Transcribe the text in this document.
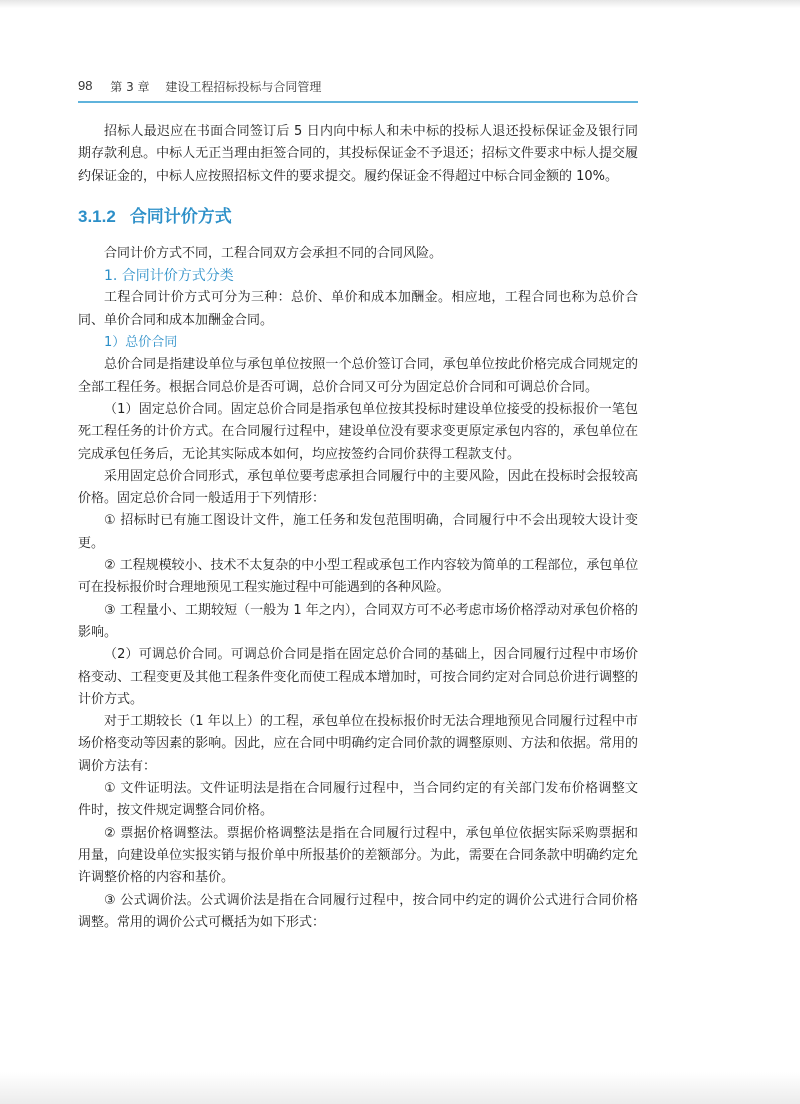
98 第 3 章 建设工程招标投标与合同管理

招标人最迟应在书面合同签订后 5 日内向中标人和未中标的投标人退还投标保证金及银行同期存款利息。中标人无正当理由拒签合同的，其投标保证金不予退还；招标文件要求中标人提交履约保证金的，中标人应按照招标文件的要求提交。履约保证金不得超过中标合同金额的 10%。

3.1.2 合同计价方式

合同计价方式不同，工程合同双方会承担不同的合同风险。

1. 合同计价方式分类

工程合同计价方式可分为三种：总价、单价和成本加酬金。相应地，工程合同也称为总价合同、单价合同和成本加酬金合同。

1）总价合同

总价合同是指建设单位与承包单位按照一个总价签订合同，承包单位按此价格完成合同规定的全部工程任务。根据合同总价是否可调，总价合同又可分为固定总价合同和可调总价合同。

（1）固定总价合同。固定总价合同是指承包单位按其投标时建设单位接受的投标报价一笔包死工程任务的计价方式。在合同履行过程中，建设单位没有要求变更原定承包内容的，承包单位在完成承包任务后，无论其实际成本如何，均应按签约合同价获得工程款支付。

采用固定总价合同形式，承包单位要考虑承担合同履行中的主要风险，因此在投标时会报较高价格。固定总价合同一般适用于下列情形：

① 招标时已有施工图设计文件，施工任务和发包范围明确，合同履行中不会出现较大设计变更。

② 工程规模较小、技术不太复杂的中小型工程或承包工作内容较为简单的工程部位，承包单位可在投标报价时合理地预见工程实施过程中可能遇到的各种风险。

③ 工程量小、工期较短（一般为 1 年之内），合同双方可不必考虑市场价格浮动对承包价格的影响。

（2）可调总价合同。可调总价合同是指在固定总价合同的基础上，因合同履行过程中市场价格变动、工程变更及其他工程条件变化而使工程成本增加时，可按合同约定对合同总价进行调整的计价方式。

对于工期较长（1 年以上）的工程，承包单位在投标报价时无法合理地预见合同履行过程中市场价格变动等因素的影响。因此，应在合同中明确约定合同价款的调整原则、方法和依据。常用的调价方法有：

① 文件证明法。文件证明法是指在合同履行过程中，当合同约定的有关部门发布价格调整文件时，按文件规定调整合同价格。

② 票据价格调整法。票据价格调整法是指在合同履行过程中，承包单位依据实际采购票据和用量，向建设单位实报实销与报价单中所报基价的差额部分。为此，需要在合同条款中明确约定允许调整价格的内容和基价。

③ 公式调价法。公式调价法是指在合同履行过程中，按合同中约定的调价公式进行合同价格调整。常用的调价公式可概括为如下形式：
